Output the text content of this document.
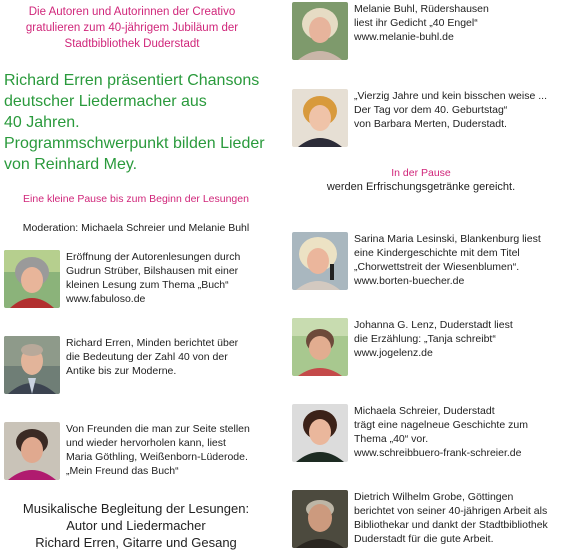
Die Autoren und Autorinnen der Creativo
gratulieren zum 40-jährigem Jubiläum der
Stadtbibliothek Duderstadt
Richard Erren präsentiert Chansons
deutscher Liedermacher aus
40 Jahren.
Programmschwerpunkt bilden Lieder
von Reinhard Mey.
Eine kleine Pause bis zum Beginn der Lesungen
Moderation: Michaela Schreier und Melanie Buhl
Eröffnung der Autorenlesungen durch
Gudrun Strüber, Bilshausen mit einer
kleinen Lesung zum Thema „Buch“
www.fabuloso.de
Richard Erren, Minden berichtet über
die Bedeutung der Zahl 40 von der
Antike bis zur Moderne.
Von Freunden die man zur Seite stellen
und wieder hervorholen kann, liest
Maria Göthling, Weißenborn-Lüderode.
„Mein Freund das Buch“
Musikalische Begleitung der Lesungen:
Autor und Liedermacher
Richard Erren, Gitarre und Gesang
Melanie Buhl, Rüdershausen
liest ihr Gedicht „40 Engel“
www.melanie-buhl.de
„Vierzig Jahre und kein bisschen weise ...
Der Tag vor dem 40. Geburtstag“
von Barbara Merten, Duderstadt.
In der Pause
werden Erfrischungsgetränke gereicht.
Sarina Maria Lesinski, Blankenburg liest
eine Kindergeschichte mit dem Titel
„Chorwettstreit der Wiesenblumen“.
www.borten-buecher.de
Johanna G. Lenz, Duderstadt liest
die Erzählung: „Tanja schreibt“
www.jogelenz.de
Michaela Schreier, Duderstadt
trägt eine nagelneue Geschichte zum
Thema „40“ vor.
www.schreibbuero-frank-schreier.de
Dietrich Wilhelm Grobe, Göttingen
berichtet von seiner 40-jährigen Arbeit als
Bibliothekar und dankt der Stadtbibliothek
Duderstadt für die gute Arbeit.
